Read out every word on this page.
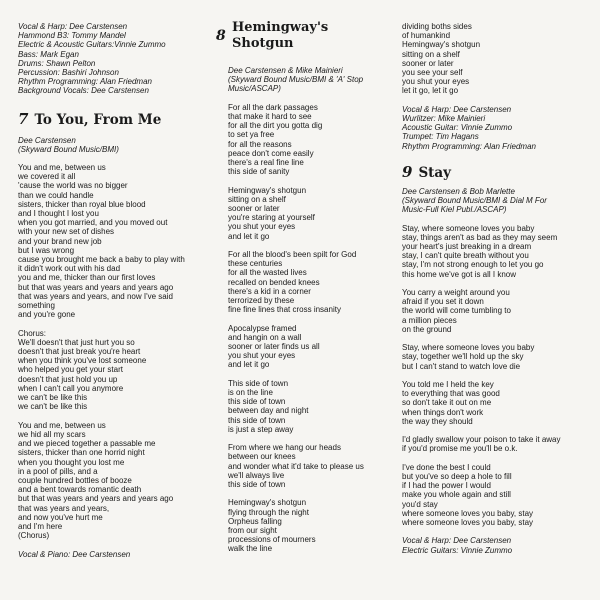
Vocal & Harp: Dee Carstensen
Hammond B3: Tommy Mandel
Electric & Acoustic Guitars:Vinnie Zummo
Bass: Mark Egan
Drums: Shawn Pelton
Percussion: Bashiri Johnson
Rhythm Programming: Alan Friedman
Background Vocals: Dee Carstensen
7 To You, From Me
Dee Carstensen
(Skyward Bound Music/BMI)
You and me, between us
we covered it all
'cause the world was no bigger
than we could handle
sisters, thicker than royal blue blood
and I thought I lost you
when you got married, and you moved out
with your new set of dishes
and your brand new job
but I was wrong
cause you brought me back a baby to play with
it didn't work out with his dad
you and me, thicker than our first loves
but that was years and years and years ago
that was years and years, and now I've said
something
and you're gone
Chorus:
We'll doesn't that just hurt you so
doesn't that just break you're heart
when you think you've lost someone
who helped you get your start
doesn't that just hold you up
when I can't call you anymore
we can't be like this
we can't be like this
You and me, between us
we hid all my scars
and we pieced together a passable me
sisters, thicker than one horrid night
when you thought you lost me
in a pool of pills, and a
couple hundred bottles of booze
and a bent towards romantic death
but that was years and years and years ago
that was years and years,
and now you've hurt me
and I'm here
(Chorus)
Vocal & Piano: Dee Carstensen
8
Hemingway's
Shotgun
Dee Carstensen & Mike Mainieri
(Skyward Bound Music/BMI & 'A' Stop
Music/ASCAP)
For all the dark passages
that make it hard to see
for all the dirt you gotta dig
to set ya free
for all the reasons
peace don't come easily
there's a real fine line
this side of sanity
Hemingway's shotgun
sitting on a shelf
sooner or later
you're staring at yourself
you shut your eyes
and let it go
For all the blood's been spilt for God
these centuries
for all the wasted lives
recalled on bended knees
there's a kid in a corner
terrorized by these
fine fine lines that cross insanity
Apocalypse framed
and hangin on a wall
sooner or later finds us all
you shut your eyes
and let it go
This side of town
is on the line
this side of town
between day and night
this side of town
is just a step away
From where we hang our heads
between our knees
and wonder what it'd take to please us
we'll always live
this side of town
Hemingway's shotgun
flying through the night
Orpheus falling
from our sight
processions of mourners
walk the line
dividing boths sides
of humankind
Hemingway's shotgun
sitting on a shelf
sooner or later
you see your self
you shut your eyes
let it go, let it go
Vocal & Harp: Dee Carstensen
Wurlitzer: Mike Mainieri
Acoustic Guitar: Vinnie Zummo
Trumpet: Tim Hagans
Rhythm Programming: Alan Friedman
9 Stay
Dee Carstensen & Bob Marlette
(Skyward Bound Music/BMI & Dial M For
Music-Full Kiel Publ./ASCAP)
Stay, where someone loves you baby
stay, things aren't as bad as they may seem
your heart's just breaking in a dream
stay, I can't quite breath without you
stay, I'm not strong enough to let you go
this home we've got is all I know
You carry a weight around you
afraid if you set it down
the world will come tumbling to
a million pieces
on the ground
Stay, where someone loves you baby
stay, together we'll hold up the sky
but I can't stand to watch love die
You told me I held the key
to everything that was good
so don't take it out on me
when things don't work
the way they should
I'd gladly swallow your poison to take it away
if you'd promise me you'll be o.k.
I've done the best I could
but you've so deep a hole to fill
if I had the power I would
make you whole again and still
you'd stay
where someone loves you baby, stay
where someone loves you baby, stay
Vocal & Harp: Dee Carstensen
Electric Guitars: Vinnie Zummo
